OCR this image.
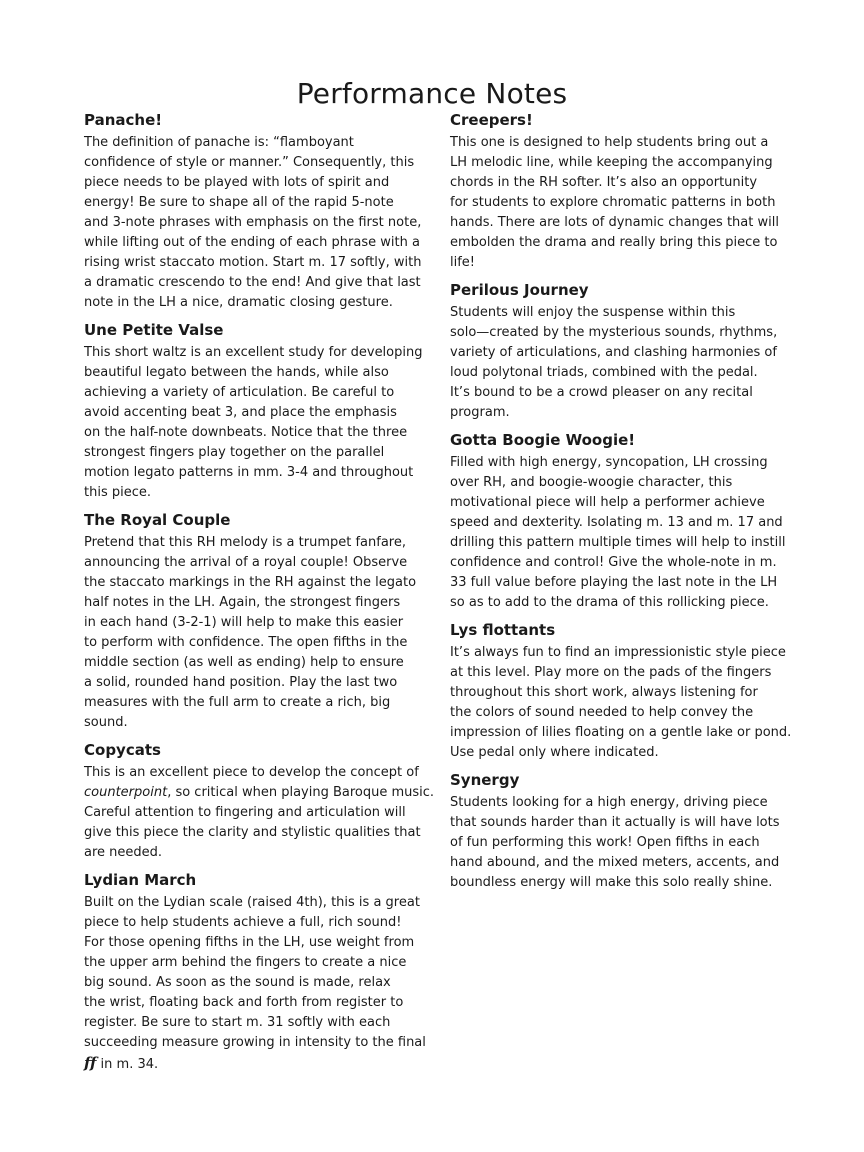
Performance Notes
Panache!
The definition of panache is: “flamboyant
confidence of style or manner.” Consequently, this
piece needs to be played with lots of spirit and
energy! Be sure to shape all of the rapid 5-note
and 3-note phrases with emphasis on the first note,
while lifting out of the ending of each phrase with a
rising wrist staccato motion. Start m. 17 softly, with
a dramatic crescendo to the end! And give that last
note in the LH a nice, dramatic closing gesture.
Une Petite Valse
This short waltz is an excellent study for developing
beautiful legato between the hands, while also
achieving a variety of articulation. Be careful to
avoid accenting beat 3, and place the emphasis
on the half-note downbeats. Notice that the three
strongest fingers play together on the parallel
motion legato patterns in mm. 3-4 and throughout
this piece.
The Royal Couple
Pretend that this RH melody is a trumpet fanfare,
announcing the arrival of a royal couple! Observe
the staccato markings in the RH against the legato
half notes in the LH. Again, the strongest fingers
in each hand (3-2-1) will help to make this easier
to perform with confidence. The open fifths in the
middle section (as well as ending) help to ensure
a solid, rounded hand position. Play the last two
measures with the full arm to create a rich, big
sound.
Copycats
This is an excellent piece to develop the concept of
counterpoint, so critical when playing Baroque music.
Careful attention to fingering and articulation will
give this piece the clarity and stylistic qualities that
are needed.
Lydian March
Built on the Lydian scale (raised 4th), this is a great
piece to help students achieve a full, rich sound!
For those opening fifths in the LH, use weight from
the upper arm behind the fingers to create a nice
big sound. As soon as the sound is made, relax
the wrist, floating back and forth from register to
register. Be sure to start m. 31 softly with each
succeeding measure growing in intensity to the final
ff in m. 34.
Creepers!
This one is designed to help students bring out a
LH melodic line, while keeping the accompanying
chords in the RH softer. It’s also an opportunity
for students to explore chromatic patterns in both
hands. There are lots of dynamic changes that will
embolden the drama and really bring this piece to
life!
Perilous Journey
Students will enjoy the suspense within this
solo—created by the mysterious sounds, rhythms,
variety of articulations, and clashing harmonies of
loud polytonal triads, combined with the pedal.
It’s bound to be a crowd pleaser on any recital
program.
Gotta Boogie Woogie!
Filled with high energy, syncopation, LH crossing
over RH, and boogie-woogie character, this
motivational piece will help a performer achieve
speed and dexterity. Isolating m. 13 and m. 17 and
drilling this pattern multiple times will help to instill
confidence and control! Give the whole-note in m.
33 full value before playing the last note in the LH
so as to add to the drama of this rollicking piece.
Lys flottants
It’s always fun to find an impressionistic style piece
at this level. Play more on the pads of the fingers
throughout this short work, always listening for
the colors of sound needed to help convey the
impression of lilies floating on a gentle lake or pond.
Use pedal only where indicated.
Synergy
Students looking for a high energy, driving piece
that sounds harder than it actually is will have lots
of fun performing this work! Open fifths in each
hand abound, and the mixed meters, accents, and
boundless energy will make this solo really shine.
